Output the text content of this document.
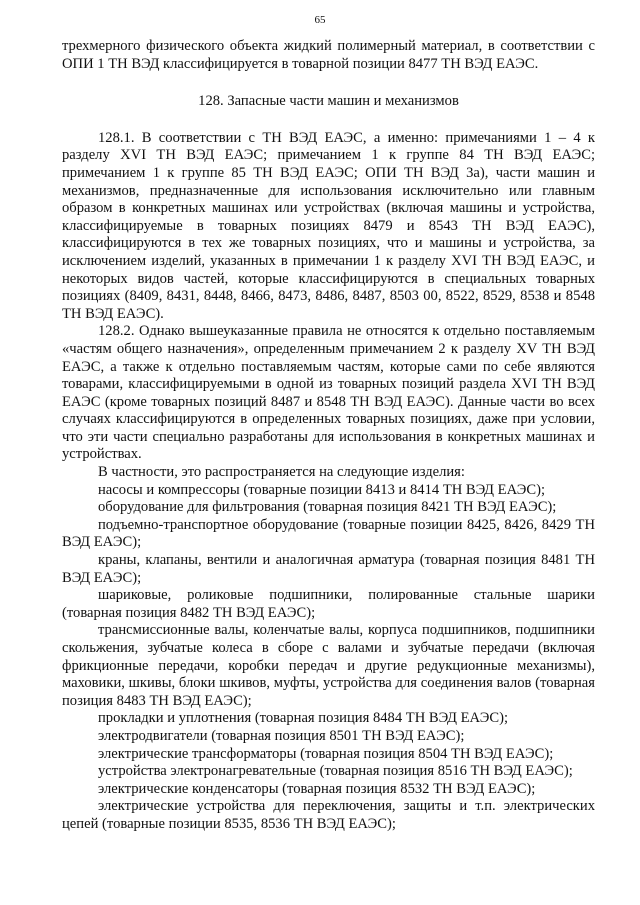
65

трехмерного физического объекта жидкий полимерный материал, в соответствии с ОПИ 1 ТН ВЭД классифицируется в товарной позиции 8477 ТН ВЭД ЕАЭС.

128. Запасные части машин и механизмов

128.1. В соответствии с ТН ВЭД ЕАЭС, а именно: примечаниями 1 – 4 к разделу XVI ТН ВЭД ЕАЭС; примечанием 1 к группе 84 ТН ВЭД ЕАЭС; примечанием 1 к группе 85 ТН ВЭД ЕАЭС; ОПИ ТН ВЭД 3а), части машин и механизмов, предназначенные для использования исключительно или главным образом в конкретных машинах или устройствах (включая машины и устройства, классифицируемые в товарных позициях 8479 и 8543 ТН ВЭД ЕАЭС), классифицируются в тех же товарных позициях, что и машины и устройства, за исключением изделий, указанных в примечании 1 к разделу XVI ТН ВЭД ЕАЭС, и некоторых видов частей, которые классифицируются в специальных товарных позициях (8409, 8431, 8448, 8466, 8473, 8486, 8487, 8503 00, 8522, 8529, 8538 и 8548 ТН ВЭД ЕАЭС).

128.2. Однако вышеуказанные правила не относятся к отдельно поставляемым «частям общего назначения», определенным примечанием 2 к разделу XV ТН ВЭД ЕАЭС, а также к отдельно поставляемым частям, которые сами по себе являются товарами, классифицируемыми в одной из товарных позиций раздела XVI ТН ВЭД ЕАЭС (кроме товарных позиций 8487 и 8548 ТН ВЭД ЕАЭС). Данные части во всех случаях классифицируются в определенных товарных позициях, даже при условии, что эти части специально разработаны для использования в конкретных машинах и устройствах.

В частности, это распространяется на следующие изделия:

насосы и компрессоры (товарные позиции 8413 и 8414 ТН ВЭД ЕАЭС);

оборудование для фильтрования (товарная позиция 8421 ТН ВЭД ЕАЭС);

подъемно-транспортное оборудование (товарные позиции 8425, 8426, 8429 ТН ВЭД ЕАЭС);

краны, клапаны, вентили и аналогичная арматура (товарная позиция 8481 ТН ВЭД ЕАЭС);

шариковые, роликовые подшипники, полированные стальные шарики (товарная позиция 8482 ТН ВЭД ЕАЭС);

трансмиссионные валы, коленчатые валы, корпуса подшипников, подшипники скольжения, зубчатые колеса в сборе с валами и зубчатые передачи (включая фрикционные передачи, коробки передач и другие редукционные механизмы), маховики, шкивы, блоки шкивов, муфты, устройства для соединения валов (товарная позиция 8483 ТН ВЭД ЕАЭС);

прокладки и уплотнения (товарная позиция 8484 ТН ВЭД ЕАЭС);

электродвигатели (товарная позиция 8501 ТН ВЭД ЕАЭС);

электрические трансформаторы (товарная позиция 8504 ТН ВЭД ЕАЭС);

устройства электронагревательные (товарная позиция 8516 ТН ВЭД ЕАЭС);

электрические конденсаторы (товарная позиция 8532 ТН ВЭД ЕАЭС);

электрические устройства для переключения, защиты и т.п. электрических цепей (товарные позиции 8535, 8536 ТН ВЭД ЕАЭС);
